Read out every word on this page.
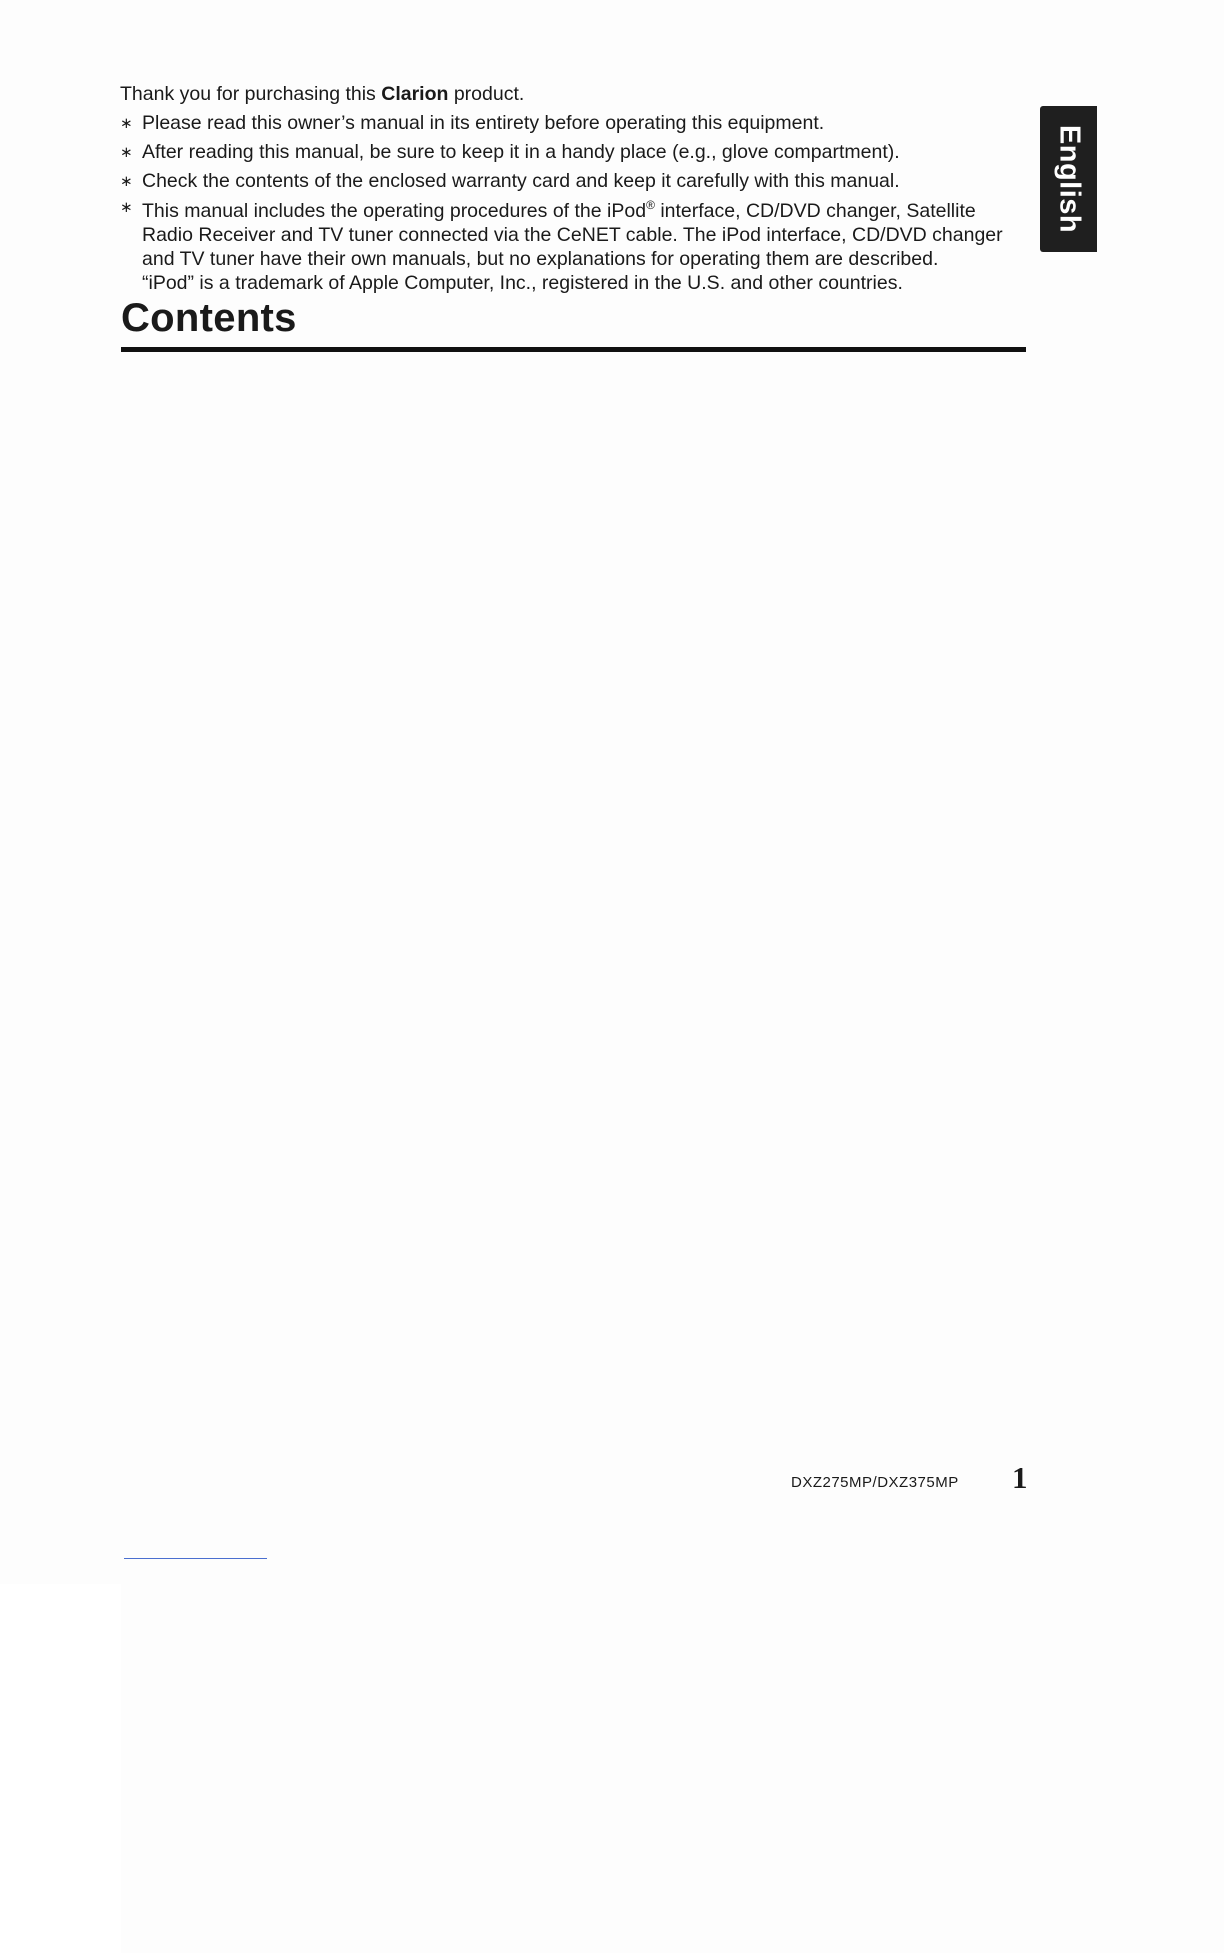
Thank you for purchasing this Clarion product.

∗ Please read this owner’s manual in its entirety before operating this equipment.
∗ After reading this manual, be sure to keep it in a handy place (e.g., glove compartment).
∗ Check the contents of the enclosed warranty card and keep it carefully with this manual.
∗ This manual includes the operating procedures of the iPod® interface, CD/DVD changer, Satellite Radio Receiver and TV tuner connected via the CeNET cable. The iPod interface, CD/DVD changer and TV tuner have their own manuals, but no explanations for operating them are described.
“iPod” is a trademark of Apple Computer, Inc., registered in the U.S. and other countries.
English
Contents
.....
.....
.....
.....
.....
.....
.....
.....
.....
.....
.....
.....
.....
.....
.....
.....
.....
.....
.....
.....
.....
.....
.....
.....
.....
.....
DXZ275MP/DXZ375MP 1
